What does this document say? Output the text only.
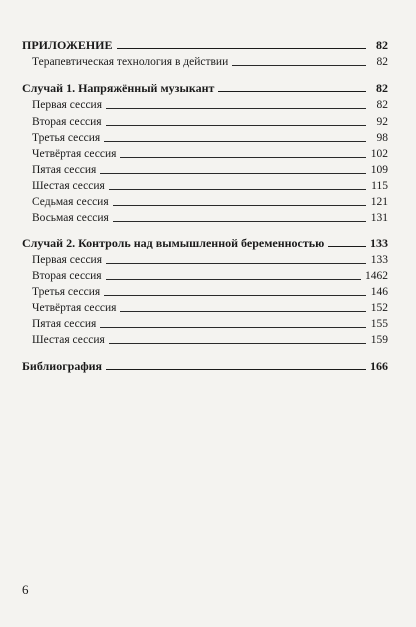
ПРИЛОЖЕНИЕ	82
Терапевтическая технология в действии	82
Случай 1. Напряжённый музыкант	82
Первая сессия	82
Вторая сессия	92
Третья сессия	98
Четвёртая сессия	102
Пятая сессия	109
Шестая сессия	115
Седьмая сессия	121
Восьмая сессия	131
Случай 2. Контроль над вымышленной беременностью	133
Первая сессия	133
Вторая сессия	1462
Третья сессия	146
Четвёртая сессия	152
Пятая сессия	155
Шестая сессия	159
Библиография	166
6
